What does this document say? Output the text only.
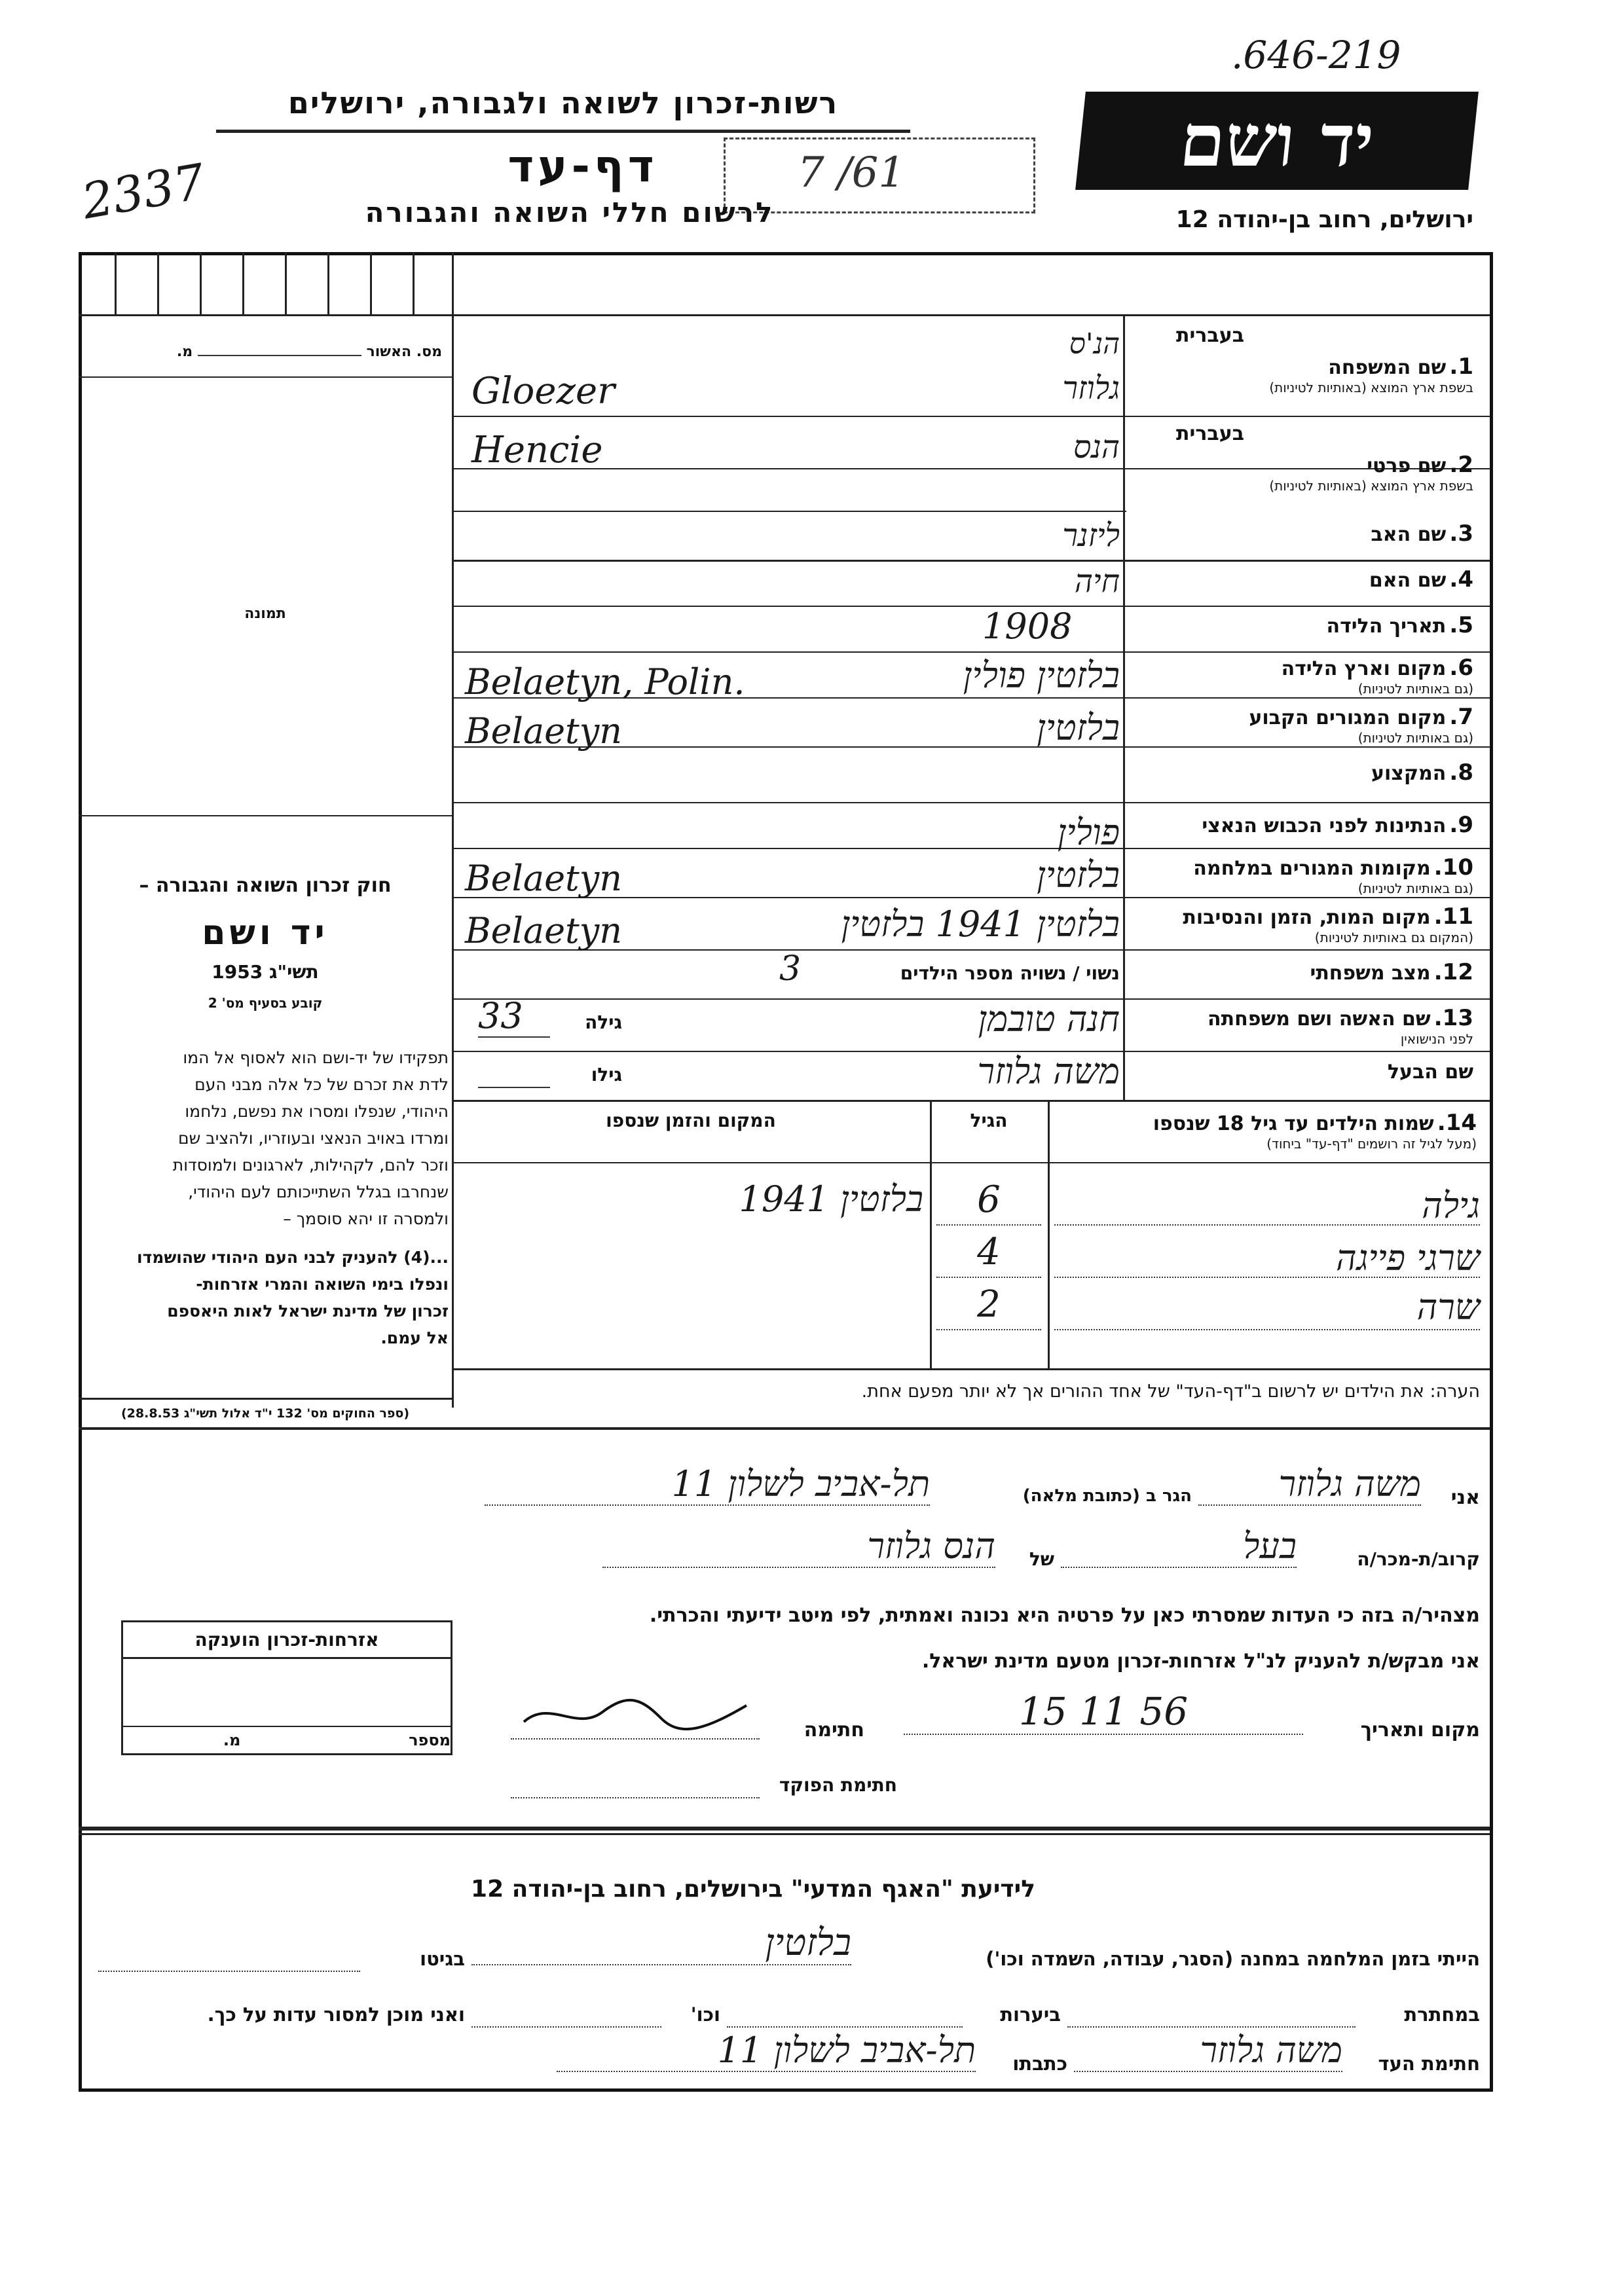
.646-219
רשות-זכרון לשואה ולגבורה, ירושלים
דף-עד	7 /61
2337	לרשום חללי השואה והגבורה
יד ושם
ירושלים, רחוב בן-יהודה 12
מס. האשור  מ.
תמונה
חוק זכרון השואה והגבורה –
יד ושם
תשי"ג 1953
קובע בסעיף מס' 2
תפקידו של יד-ושם הוא לאסוף אל המו
לדת את זכרם של כל אלה מבני העם
היהודי, שנפלו ומסרו את נפשם, נלחמו
ומרדו באויב הנאצי ובעוזריו, ולהציב שם
וזכר להם, לקהילות, לארגונים ולמוסדות
שנחרבו בגלל השתייכותם לעם היהודי,
ולמסרה זו יהא סוסמך –
...(4) להעניק לבני העם היהודי שהושמדו
ונפלו בימי השואה והמרי אזרחות-
זכרון של מדינת ישראל לאות היאספם
אל עמם.
(ספר החוקים מס' 132 י"ד אלול תשי"ג 28.8.53)
בעברית
1. שם המשפחה
בשפת ארץ המוצא (באותיות לטיניות)
הנ'ס
גלוזר
Gloezer
בעברית
2. שם פרטי
בשפת ארץ המוצא (באותיות לטיניות)
הנס
Hencie
3. שם האב
ליזנר
4. שם האם
חיה
5. תאריך הלידה
1908
6. מקום וארץ הלידה
(גם באותיות לטיניות)
בלזטין פולין
Belaetyn, Polin.
7. מקום המגורים הקבוע
(גם באותיות לטיניות)
בלזטין
Belaetyn
8. המקצוע
9. הנתינות לפני הכבוש הנאצי
פולין
10. מקומות המגורים במלחמה
(גם באותיות לטיניות)
בלזטין
Belaetyn
11. מקום המות, הזמן והנסיבות
(המקום גם באותיות לטיניות)
בלזטין 1941 בלזטין
Belaetyn
12. מצב משפחתי
נשוי / נשויה מספר הילדים
3
13. שם האשה ושם משפחתה
לפני הנישואין
חנה טובמן
גילה
33
שם הבעל
משה גלוזר
גילו
14. שמות הילדים עד גיל 18 שנספו
(מעל לגיל זה רושמים "דף-עד" ביחוד)
הגיל
המקום והזמן שנספו
גילה
6
בלזטין 1941
שרגי פייגה
4
שרה
2
הערה: את הילדים יש לרשום ב"דף-העד" של אחד ההורים אך לא יותר מפעם אחת.
אני
משה גלוזר
הגר ב (כתובת מלאה)
תל-אביב לשלון 11
קרוב/ת-מכר/ה
בעל
של
הנס גלוזר
מצהיר/ה בזה כי העדות שמסרתי כאן על פרטיה היא נכונה ואמתית, לפי מיטב ידיעתי והכרתי.
אני מבקש/ת להעניק לנ"ל אזרחות-זכרון מטעם מדינת ישראל.
מקום ותאריך
15 11 56
חתימה
חתימת הפוקד
אזרחות-זכרון הוענקה
מספר  מ.
לידיעת "האגף המדעי" בירושלים, רחוב בן-יהודה 12
הייתי בזמן המלחמה במחנה (הסגר, עבודה, השמדה וכו')
בלזטין
בגיטו
במחתרת
ביערות
וכו'
ואני מוכן למסור עדות על כך.
חתימת העד
משה גלוזר
כתבתו
תל-אביב לשלון 11
